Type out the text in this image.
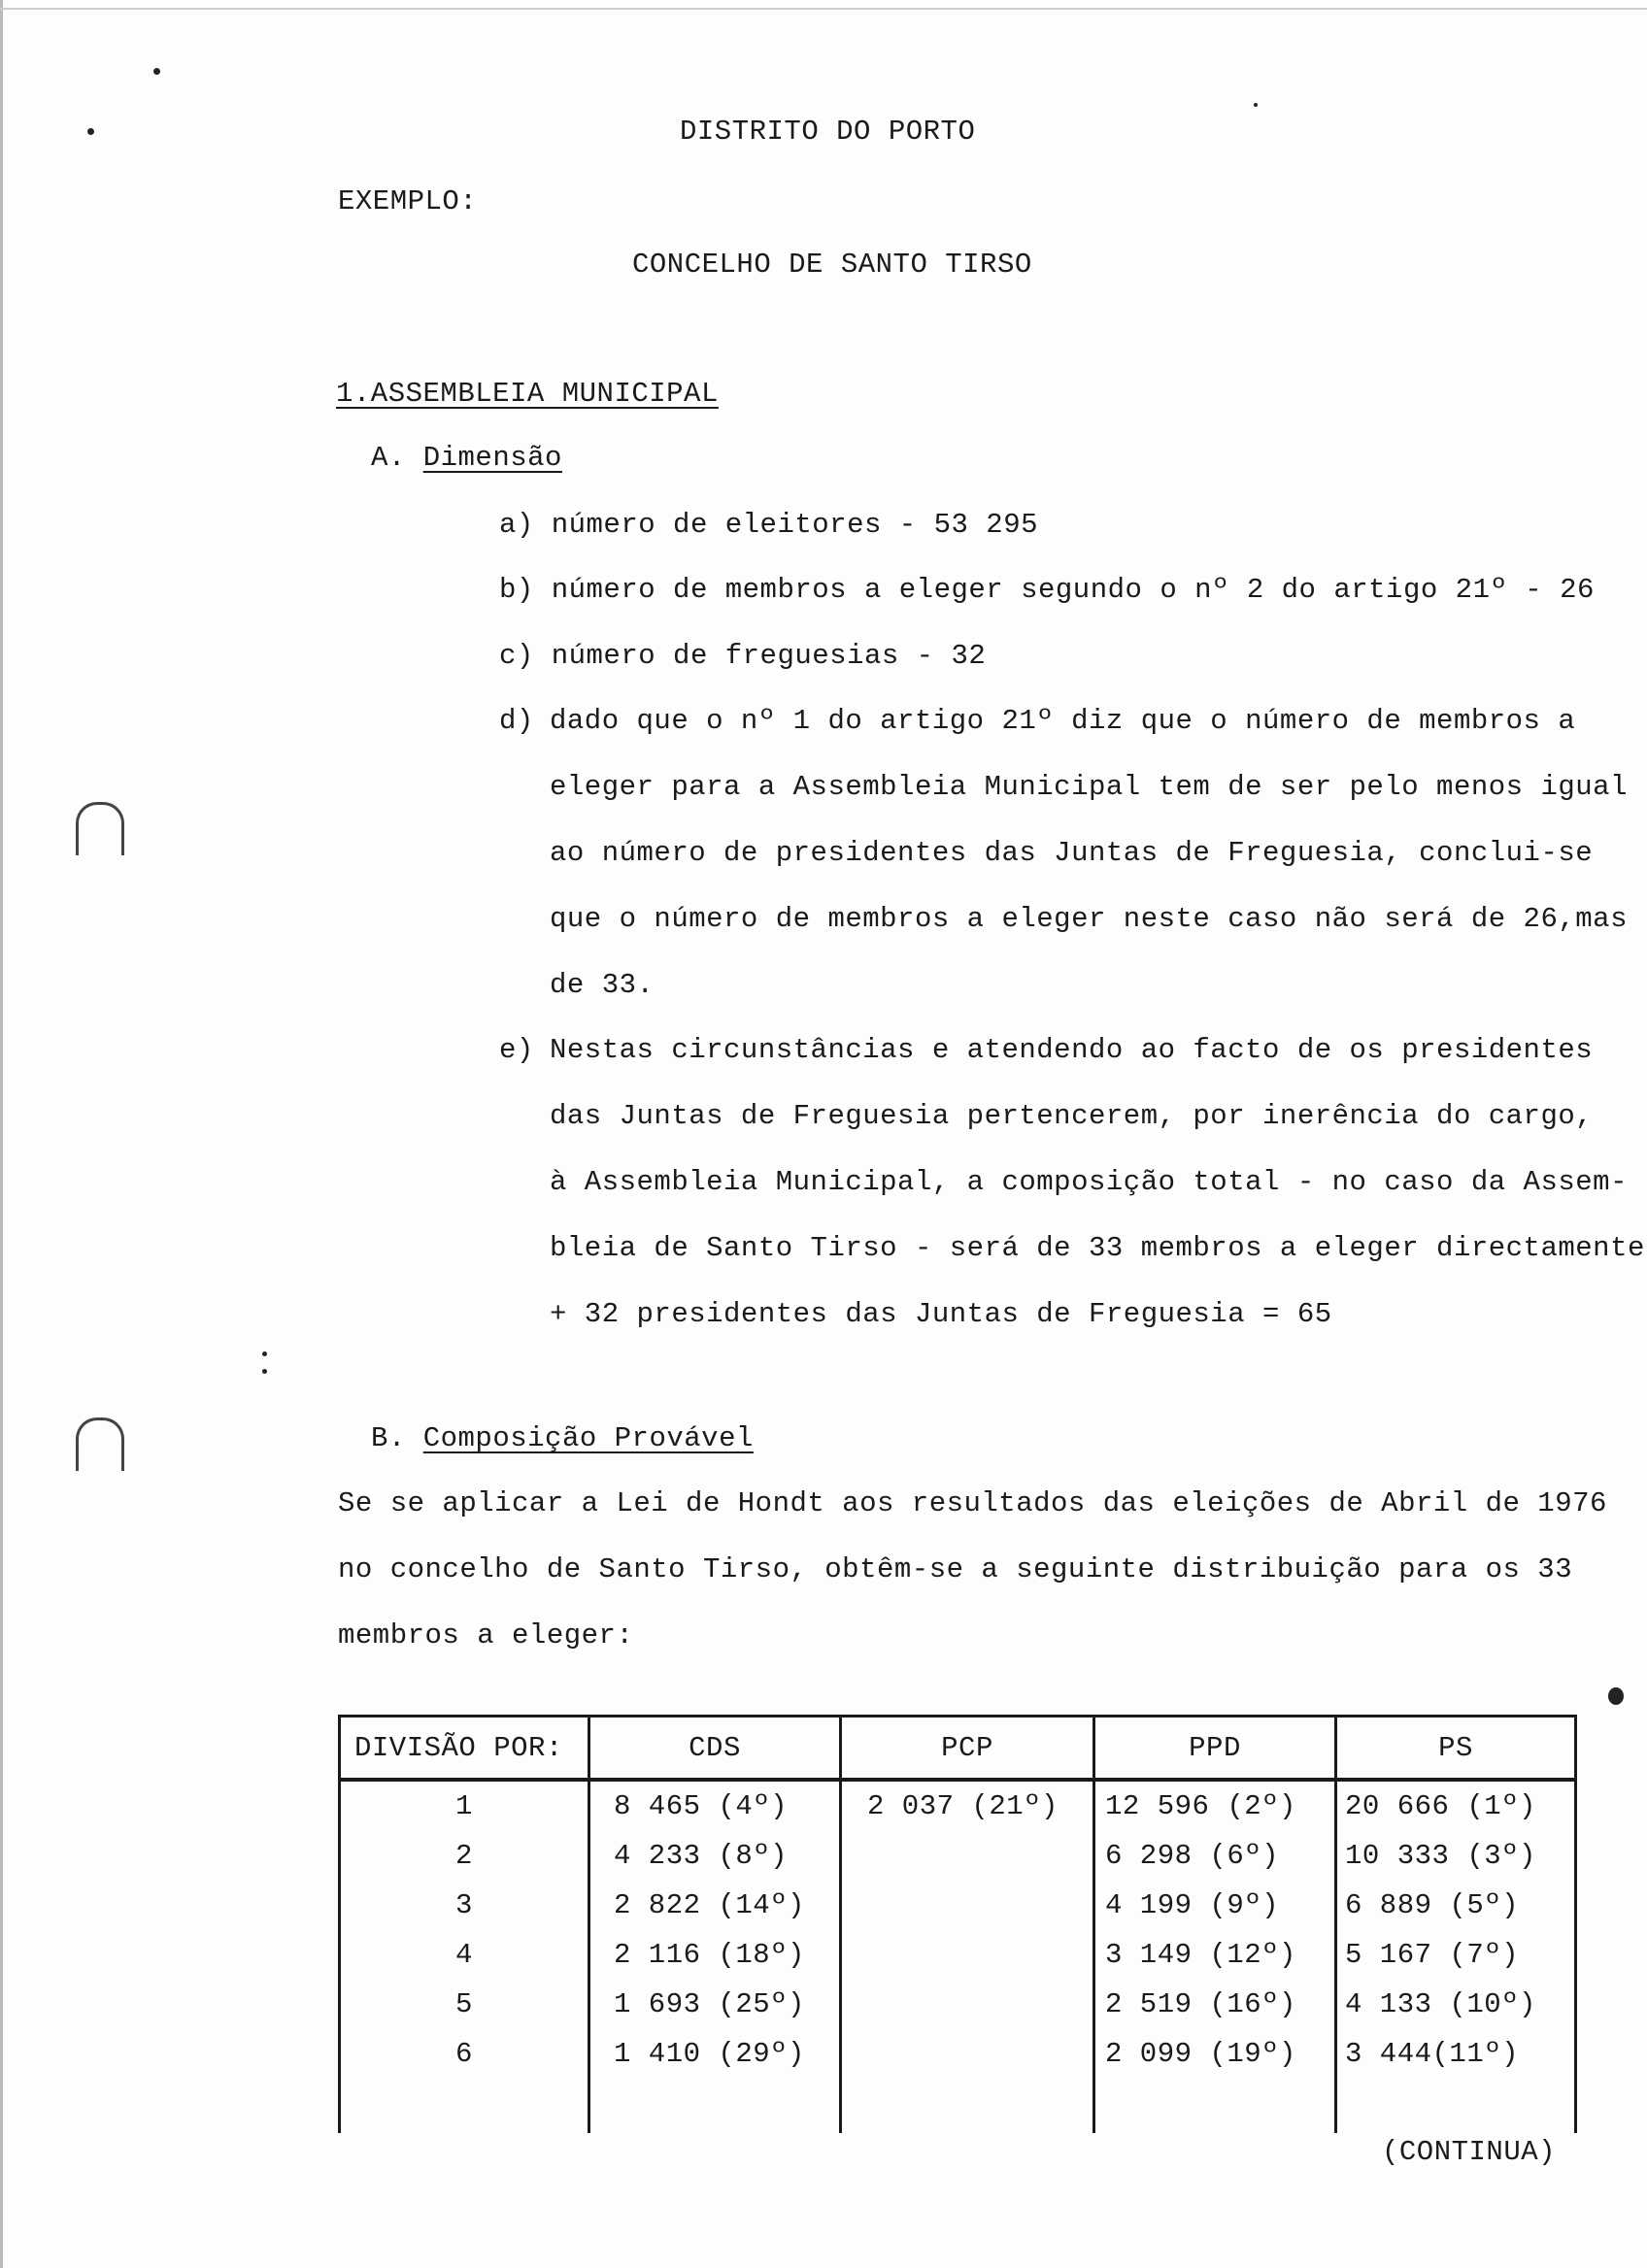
DISTRITO DO PORTO
EXEMPLO:
CONCELHO DE SANTO TIRSO
1.ASSEMBLEIA MUNICIPAL
A. Dimensão
a) número de eleitores - 53 295
b) número de membros a eleger segundo o nº 2 do artigo 21º - 26
c) número de freguesias - 32
d) dado que o nº 1 do artigo 21º diz que o número de membros a
eleger para a Assembleia Municipal tem de ser pelo menos igual
ao número de presidentes das Juntas de Freguesia, conclui-se
que o número de membros a eleger neste caso não será de 26,mas
de 33.
e) Nestas circunstâncias e atendendo ao facto de os presidentes
das Juntas de Freguesia pertencerem, por inerência do cargo,
à Assembleia Municipal, a composição total - no caso da Assem-
bleia de Santo Tirso - será de 33 membros a eleger directamente
+ 32 presidentes das Juntas de Freguesia = 65
B. Composição Provável
Se se aplicar a Lei de Hondt aos resultados das eleições de Abril de 1976
no concelho de Santo Tirso, obtêm-se a seguinte distribuição para os 33
membros a eleger:
DIVISÃO POR:	CDS	PCP	PPD	PS
1	8 465 (4º)	2 037 (21º)	12 596 (2º)	20 666 (1º)
2	4 233 (8º)		6 298 (6º)	10 333 (3º)
3	2 822 (14º)		4 199 (9º)	6 889 (5º)
4	2 116 (18º)		3 149 (12º)	5 167 (7º)
5	1 693 (25º)		2 519 (16º)	4 133 (10º)
6	1 410 (29º)		2 099 (19º)	3 444(11º)

(CONTINUA)
